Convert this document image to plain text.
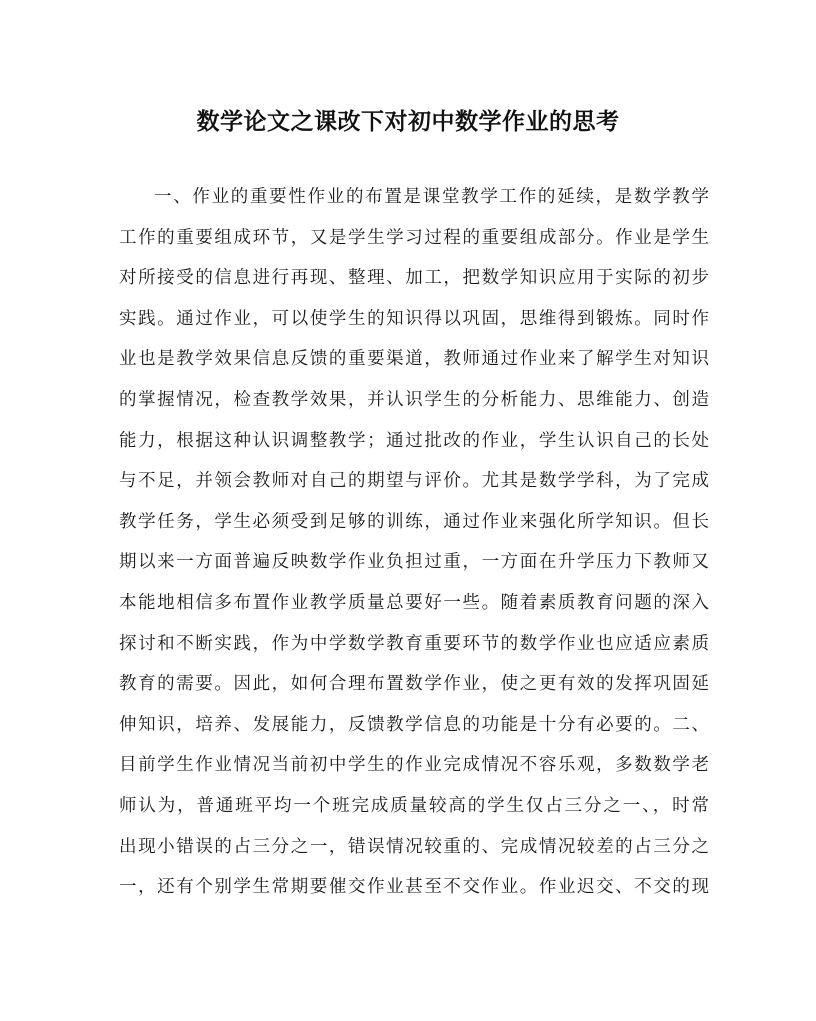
数学论文之课改下对初中数学作业的思考
一、作业的重要性作业的布置是课堂教学工作的延续，是数学教学
工作的重要组成环节，又是学生学习过程的重要组成部分。作业是学生
对所接受的信息进行再现、整理、加工，把数学知识应用于实际的初步
实践。通过作业，可以使学生的知识得以巩固，思维得到锻炼。同时作
业也是教学效果信息反馈的重要渠道，教师通过作业来了解学生对知识
的掌握情况，检查教学效果，并认识学生的分析能力、思维能力、创造
能力，根据这种认识调整教学；通过批改的作业，学生认识自己的长处
与不足，并领会教师对自己的期望与评价。尤其是数学学科，为了完成
教学任务，学生必须受到足够的训练，通过作业来强化所学知识。但长
期以来一方面普遍反映数学作业负担过重，一方面在升学压力下教师又
本能地相信多布置作业教学质量总要好一些。随着素质教育问题的深入
探讨和不断实践，作为中学数学教育重要环节的数学作业也应适应素质
教育的需要。因此，如何合理布置数学作业，使之更有效的发挥巩固延
伸知识，培养、发展能力，反馈教学信息的功能是十分有必要的。二、
目前学生作业情况当前初中学生的作业完成情况不容乐观，多数数学老
师认为，普通班平均一个班完成质量较高的学生仅占三分之一、，时常
出现小错误的占三分之一，错误情况较重的、完成情况较差的占三分之
一，还有个别学生常期要催交作业甚至不交作业。作业迟交、不交的现
